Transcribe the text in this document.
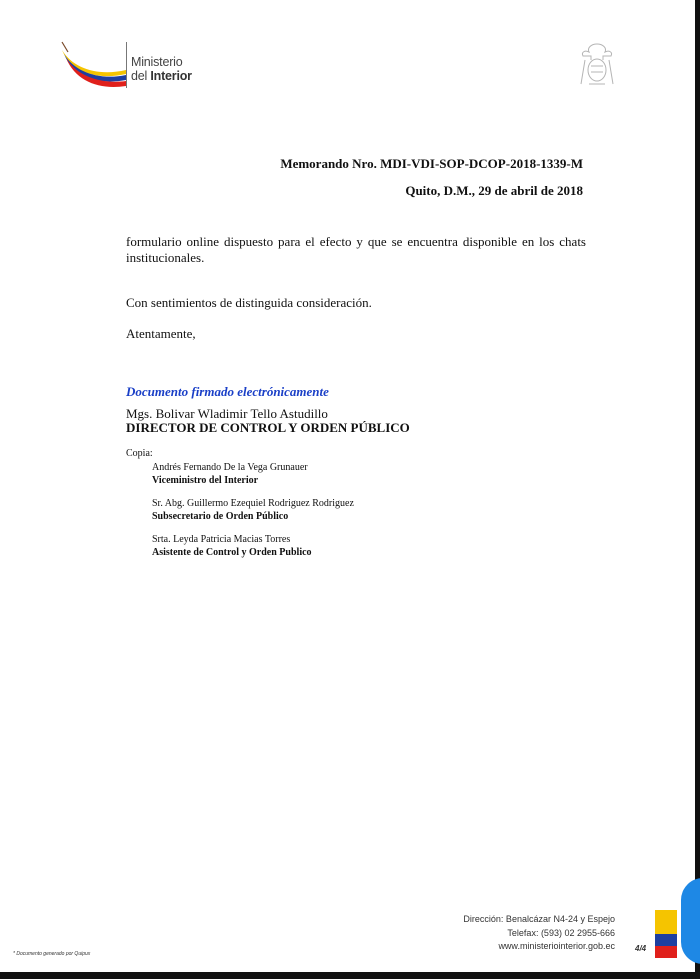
Ministerio
del Interior
Memorando Nro. MDI-VDI-SOP-DCOP-2018-1339-M
Quito, D.M., 29 de abril de 2018
formulario online dispuesto para el efecto y que se encuentra disponible en los chats institucionales.
Con sentimientos de distinguida consideración.
Atentamente,
Documento firmado electrónicamente
Mgs. Bolivar Wladimir Tello Astudillo
DIRECTOR DE CONTROL Y ORDEN PÚBLICO
Copia:
Andrés Fernando De la Vega Grunauer
Viceministro del Interior
Sr. Abg. Guillermo Ezequiel Rodriguez Rodriguez
Subsecretario de Orden Público
Srta. Leyda Patricia Macias Torres
Asistente de Control y Orden Publico
Dirección: Benalcázar N4-24 y Espejo
Telefax: (593) 02 2955-666
www.ministeriointerior.gob.ec	4/4
* Documento generado por Quipux
